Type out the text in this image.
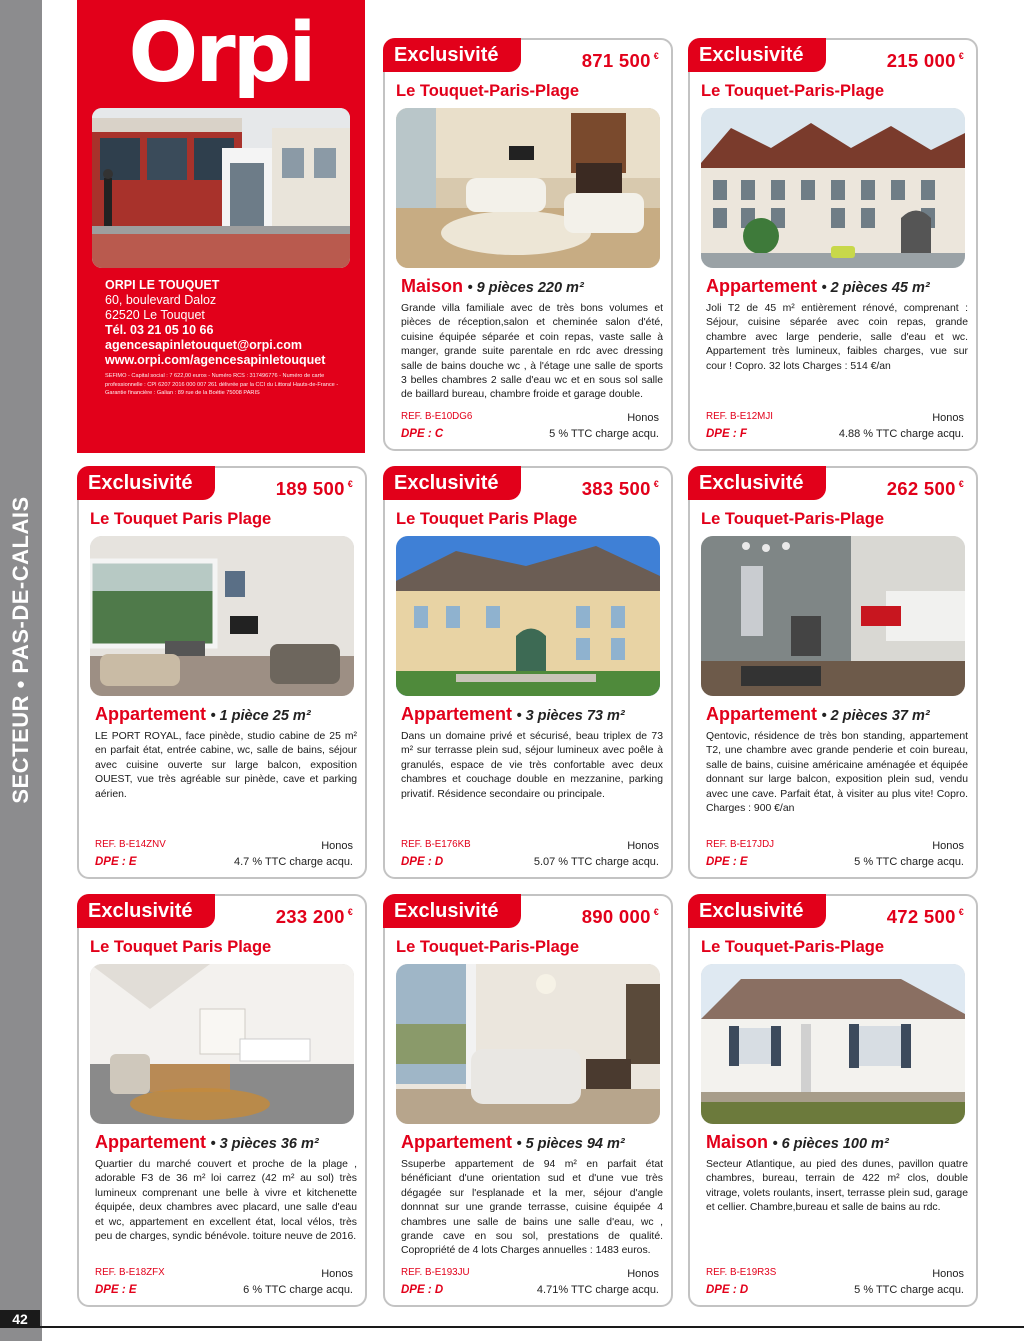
SECTEUR • PAS-DE-CALAIS
42
Orpi
ORPI LE TOUQUET
60, boulevard Daloz
62520 Le Touquet
Tél. 03 21 05 10 66
agencesapinletouquet@orpi.com
www.orpi.com/agencesapinletouquet
SEFIMO - Capital social : 7 622,00 euros - Numéro RCS : 317496776 - Numéro de carte professionnelle : CPI 6207 2016 000 007 261 délivrée par la CCI du Littoral Hauts-de-France - Garantie financière : Galian : 89 rue de la Boétie 75008 PARIS
Exclusivité	871 500 €
Le Touquet-Paris-Plage
Maison • 9 pièces 220 m²
Grande villa familiale avec de très bons volumes et pièces de réception,salon et cheminée salon d'été, cuisine équipée séparée et coin repas, vaste salle à manger, grande suite parentale en rdc avec dressing salle de bains douche wc , à l'étage une salle de sports 3 belles chambres 2 salle d'eau wc et en sous sol salle de baillard bureau, chambre froide et garage double.
REF. B-E10DG6	Honos
DPE : C	5 % TTC charge acqu.
Exclusivité	215 000 €
Le Touquet-Paris-Plage
Appartement • 2 pièces 45 m²
Joli T2 de 45 m² entièrement rénové, comprenant : Séjour, cuisine séparée avec coin repas, grande chambre avec large penderie, salle d'eau et wc. Appartement très lumineux, faibles charges, vue sur cour ! Copro. 32 lots Charges : 514 €/an
REF. B-E12MJI	Honos
DPE : F	4.88 % TTC charge acqu.
Exclusivité	189 500 €
Le Touquet Paris Plage
Appartement • 1 pièce 25 m²
LE PORT ROYAL, face pinède, studio cabine de 25 m² en parfait état, entrée cabine, wc, salle de bains, séjour avec cuisine ouverte sur large balcon, exposition OUEST, vue très agréable sur pinède, cave et parking aérien.
REF. B-E14ZNV	Honos
DPE : E	4.7 % TTC charge acqu.
Exclusivité	383 500 €
Le Touquet Paris Plage
Appartement • 3 pièces 73 m²
Dans un domaine privé et sécurisé, beau triplex de 73 m² sur terrasse plein sud, séjour lumineux avec poêle à granulés, espace de vie très confortable avec deux chambres et couchage double en mezzanine, parking privatif. Résidence secondaire ou principale.
REF. B-E176KB	Honos
DPE : D	5.07 % TTC charge acqu.
Exclusivité	262 500 €
Le Touquet-Paris-Plage
Appartement • 2 pièces 37 m²
Qentovic, résidence de très bon standing, appartement T2, une chambre avec grande penderie et coin bureau, salle de bains, cuisine américaine aménagée et équipée donnant sur large balcon, exposition plein sud, vendu avec une cave. Parfait état, à visiter au plus vite! Copro. Charges : 900 €/an
REF. B-E17JDJ	Honos
DPE : E	5 % TTC charge acqu.
Exclusivité	233 200 €
Le Touquet Paris Plage
Appartement • 3 pièces 36 m²
Quartier du marché couvert et proche de la plage , adorable F3 de 36 m² loi carrez (42 m² au sol) très lumineux comprenant une belle à vivre et kitchenette équipée, deux chambres avec placard, une salle d'eau et wc, appartement en excellent état, local vélos, très peu de charges, syndic bénévole. toiture neuve de 2016.
REF. B-E18ZFX	Honos
DPE : E	6 % TTC charge acqu.
Exclusivité	890 000 €
Le Touquet-Paris-Plage
Appartement • 5 pièces 94 m²
Ssuperbe appartement de 94 m² en parfait état bénéficiant d'une orientation sud et d'une vue très dégagée sur l'esplanade et la mer, séjour d'angle donnnat sur une grande terrasse, cuisine équipée 4 chambres une salle de bains une salle d'eau, wc , grande cave en sou sol, prestations de qualité. Copropriété de 4 lots Charges annuelles : 1483 euros.
REF. B-E193JU	Honos
DPE : D	4.71% TTC charge acqu.
Exclusivité	472 500 €
Le Touquet-Paris-Plage
Maison • 6 pièces 100 m²
Secteur Atlantique, au pied des dunes, pavillon quatre chambres, bureau, terrain de 422 m² clos, double vitrage, volets roulants, insert, terrasse plein sud, garage et cellier. Chambre,bureau et salle de bains au rdc.
REF. B-E19R3S	Honos
DPE : D	5 % TTC charge acqu.
